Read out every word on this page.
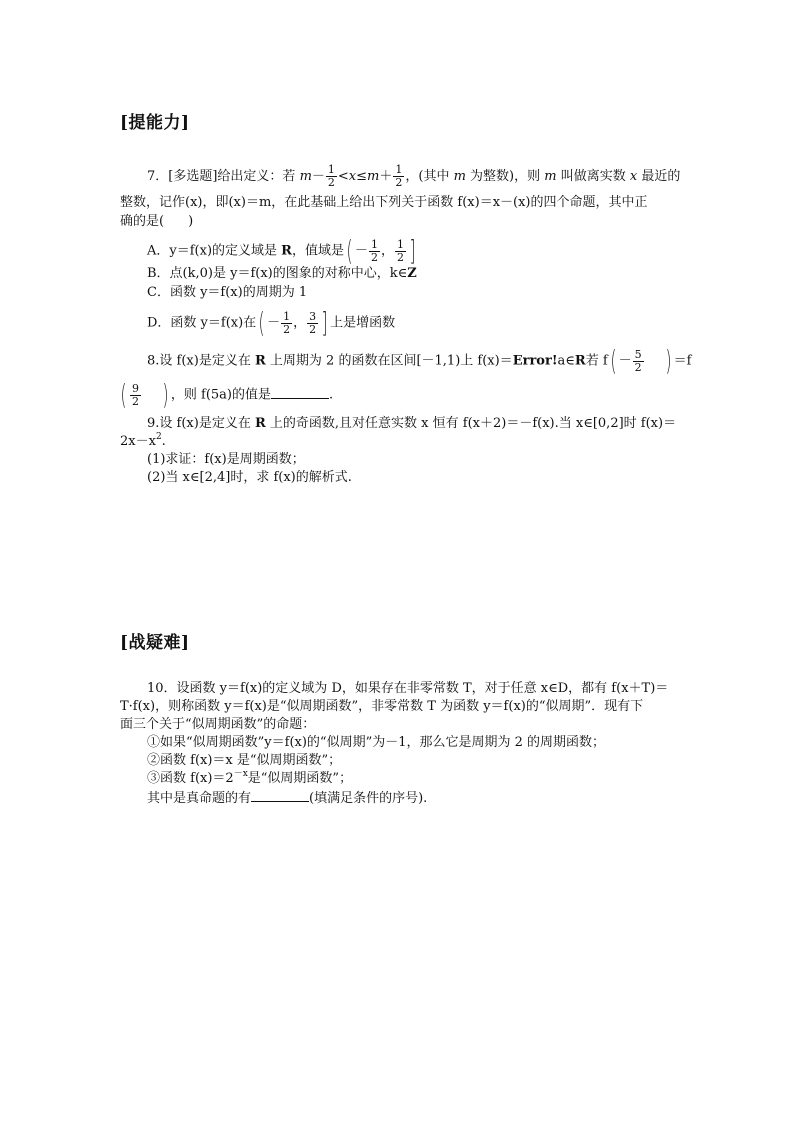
[提能力]
7．[多选题]给出定义：若 $m- \frac{1}{2} <x\le m+ \frac{1}{2}$ ，(其中 m 为整数)，则 m 叫做离实数 x 最近的
整数，记作(x)，即(x)＝m，在此基础上给出下列关于函数 f(x)＝x－(x)的四个命题，其中正
确的是( )
A．y＝f(x)的定义域是 R，值域是( － $\frac{1}{2}$ ， $\frac{1}{2}$ ]
B．点(k,0)是 y＝f(x)的图象的对称中心，k∈Z
C．函数 y＝f(x)的周期为 1
D．函数 y＝f(x)在( － $\frac{1}{2}$ ， $\frac{3}{2}$ ] 上是增函数
8.设 f(x)是定义在 R 上周期为 2 的函数在区间[－1,1)上 f(x)＝Error!a∈R若 $f( - \frac{5}{2}$ ) ＝f
( $\frac{9}{2}$ ) ，则 f(5a)的值是	.
9.设 f(x)是定义在 R 上的奇函数,且对任意实数 x 恒有 f(x＋2)＝－f(x).当 x∈[0,2]时 f(x)＝
$2x-x^2$.
(1)求证：f(x)是周期函数；
(2)当 x∈[2,4]时，求 f(x)的解析式.
[战疑难]
10．设函数 y＝f(x)的定义域为 D，如果存在非零常数 T，对于任意 x∈D，都有 f(x＋T)＝
T·f(x)，则称函数 y＝f(x)是“似周期函数”，非零常数 T 为函数 y＝f(x)的“似周期”．现有下
面三个关于“似周期函数”的命题：
①如果“似周期函数”y＝f(x)的“似周期”为－1，那么它是周期为 2 的周期函数；
②函数 f(x)＝x 是“似周期函数”；
③函数 $f(x)=2^{-x}$是“似周期函数”；
其中是真命题的有	(填满足条件的序号).
